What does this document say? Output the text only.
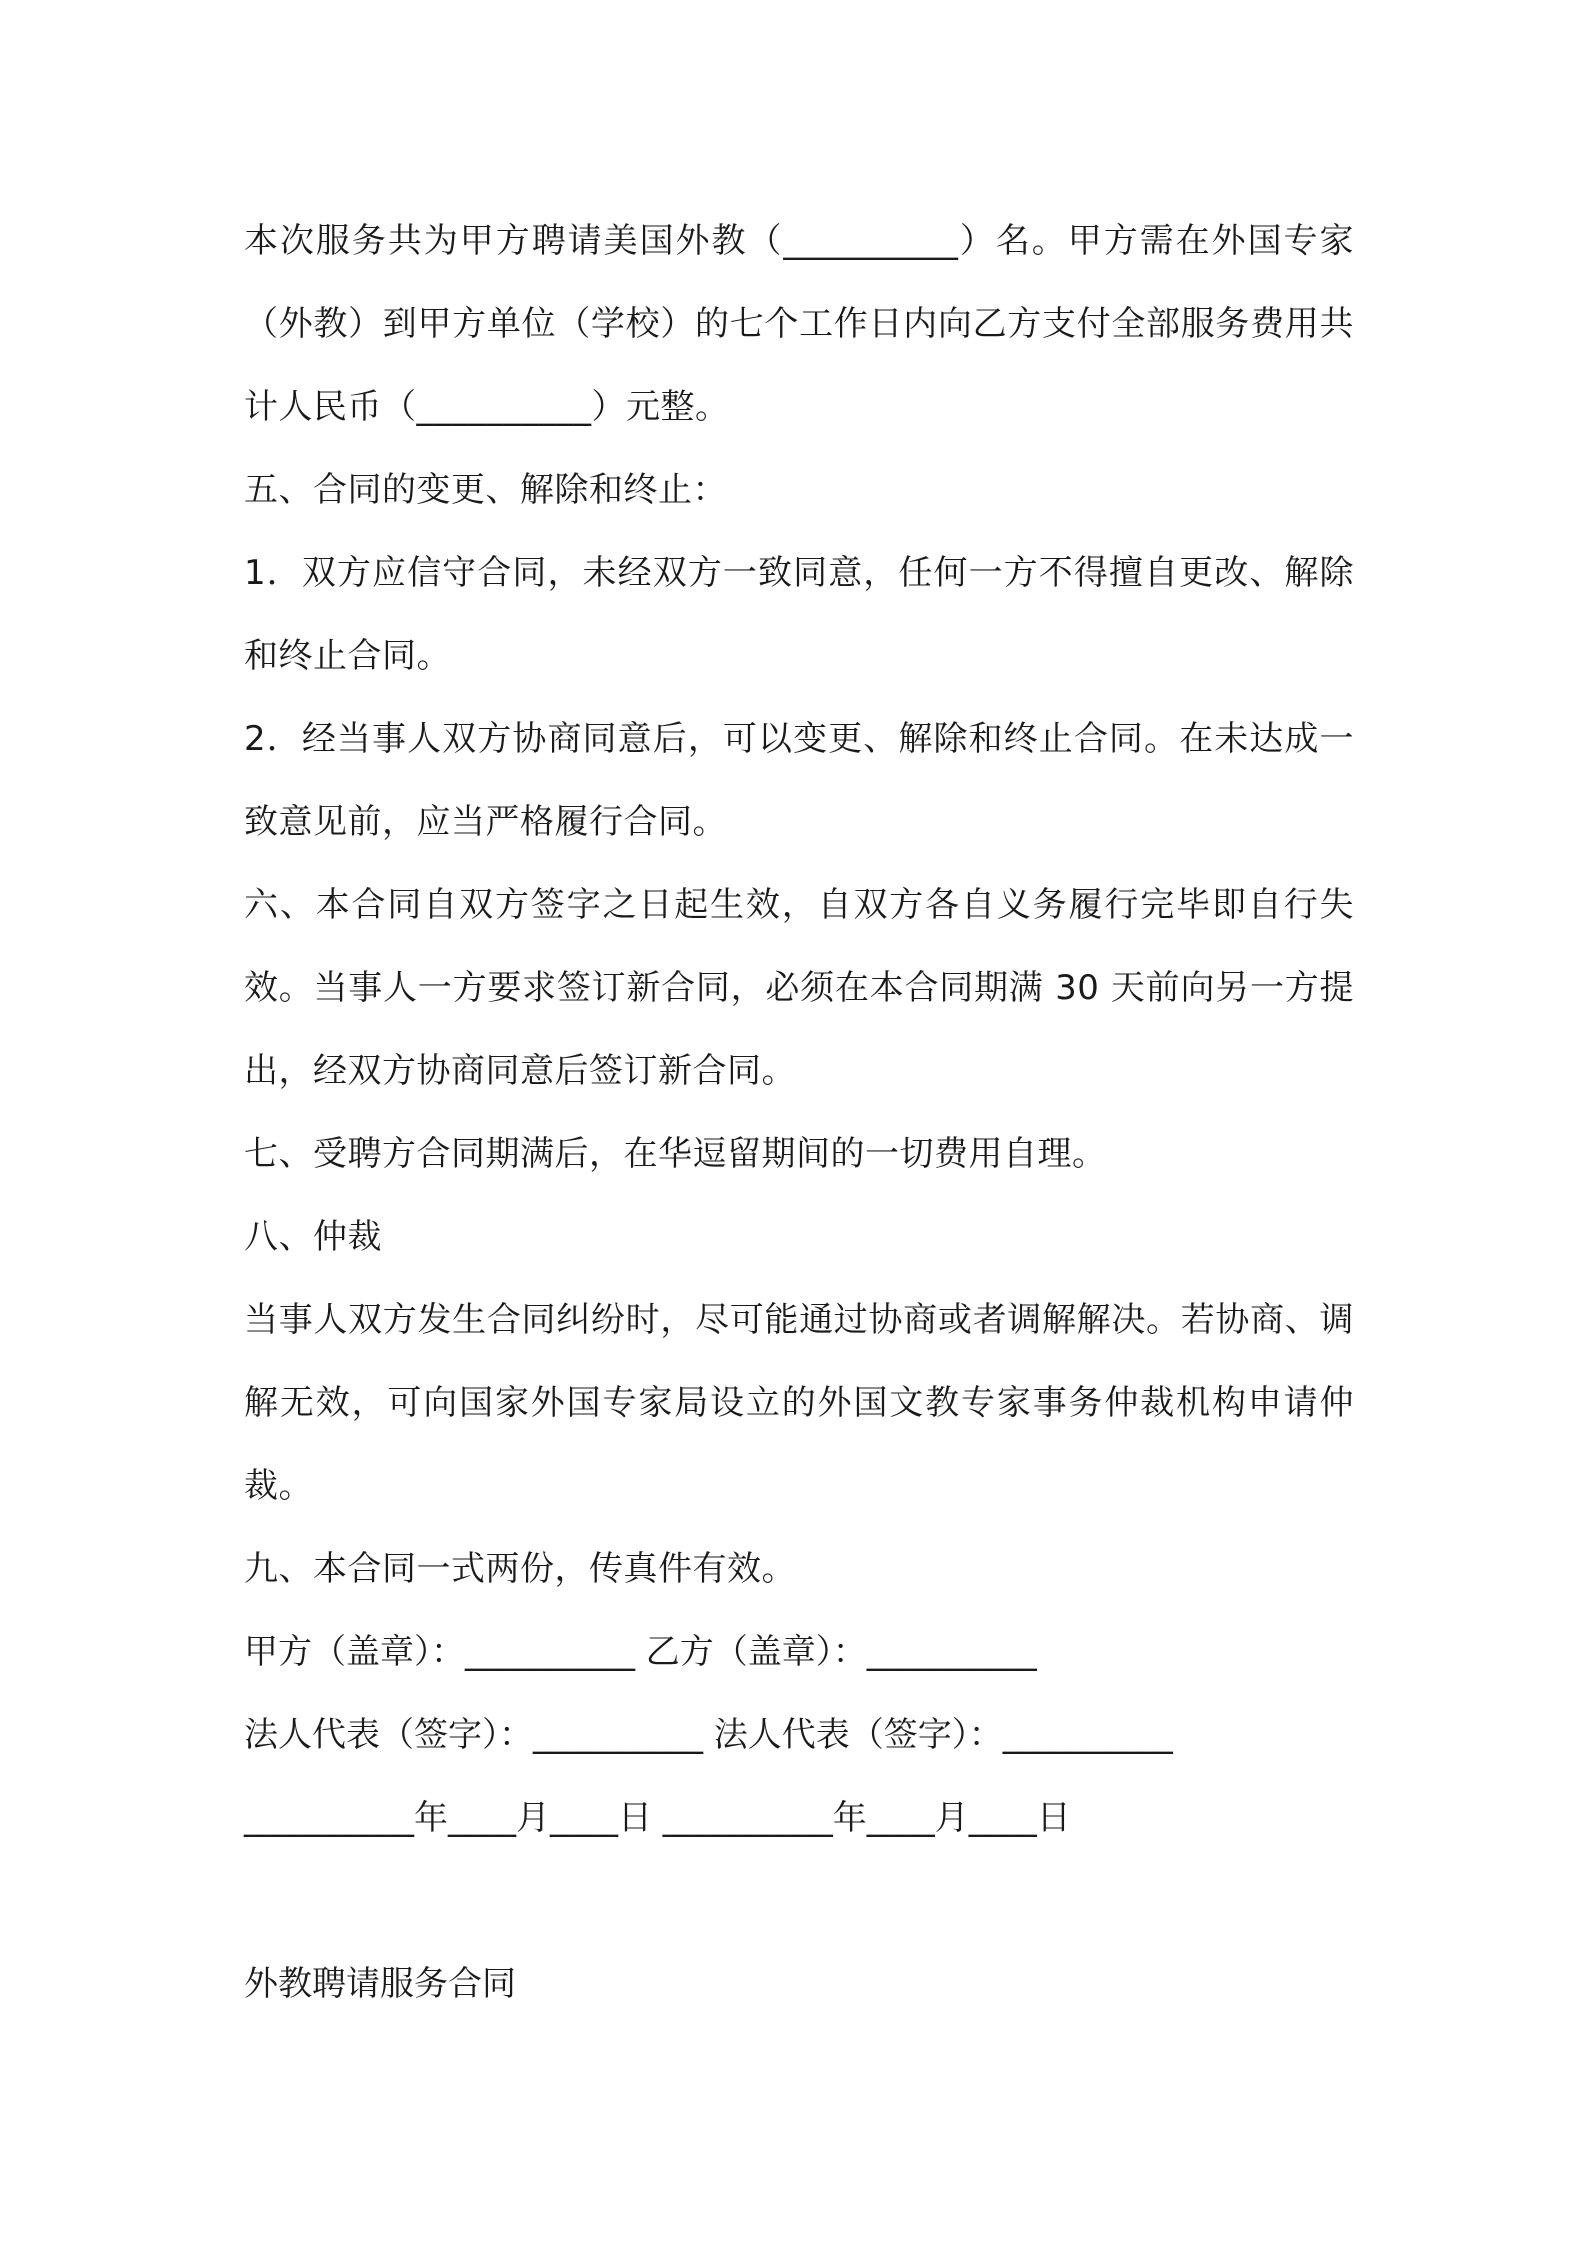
本次服务共为甲方聘请美国外教（__________）名。甲方需在外国专家（外教）到甲方单位（学校）的七个工作日内向乙方支付全部服务费用共计人民币（__________）元整。

五、合同的变更、解除和终止：

1．双方应信守合同，未经双方一致同意，任何一方不得擅自更改、解除和终止合同。

2．经当事人双方协商同意后，可以变更、解除和终止合同。在未达成一致意见前，应当严格履行合同。

六、本合同自双方签字之日起生效，自双方各自义务履行完毕即自行失效。当事人一方要求签订新合同，必须在本合同期满 30 天前向另一方提出，经双方协商同意后签订新合同。

七、受聘方合同期满后，在华逗留期间的一切费用自理。

八、仲裁

当事人双方发生合同纠纷时，尽可能通过协商或者调解解决。若协商、调解无效，可向国家外国专家局设立的外国文教专家事务仲裁机构申请仲裁。

九、本合同一式两份，传真件有效。

甲方（盖章）：__________ 乙方（盖章）：__________

法人代表（签字）：__________ 法人代表（签字）：__________

__________年____月____日 __________年____月____日

外教聘请服务合同
